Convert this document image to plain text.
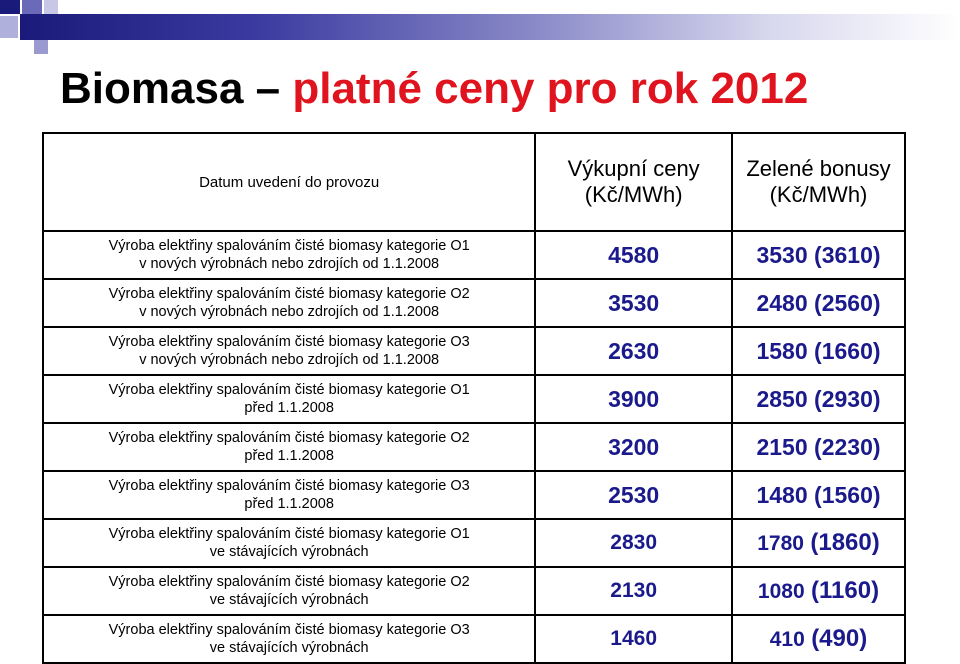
Biomasa – platné ceny pro rok 2012
Datum uvedení do provozu	Výkupní ceny (Kč/MWh)	Zelené bonusy (Kč/MWh)
Výroba elektřiny spalováním čisté biomasy kategorie O1
v nových výrobnách nebo zdrojích od 1.1.2008	4580	3530 (3610)
Výroba elektřiny spalováním čisté biomasy kategorie O2
v nových výrobnách nebo zdrojích od 1.1.2008	3530	2480 (2560)
Výroba elektřiny spalováním čisté biomasy kategorie O3
v nových výrobnách nebo zdrojích od 1.1.2008	2630	1580 (1660)
Výroba elektřiny spalováním čisté biomasy kategorie O1
před 1.1.2008	3900	2850 (2930)
Výroba elektřiny spalováním čisté biomasy kategorie O2
před 1.1.2008	3200	2150 (2230)
Výroba elektřiny spalováním čisté biomasy kategorie O3
před 1.1.2008	2530	1480 (1560)
Výroba elektřiny spalováním čisté biomasy kategorie O1
ve stávajících výrobnách	2830	1780 (1860)
Výroba elektřiny spalováním čisté biomasy kategorie O2
ve stávajících výrobnách	2130	1080 (1160)
Výroba elektřiny spalováním čisté biomasy kategorie O3
ve stávajících výrobnách	1460	410 (490)
